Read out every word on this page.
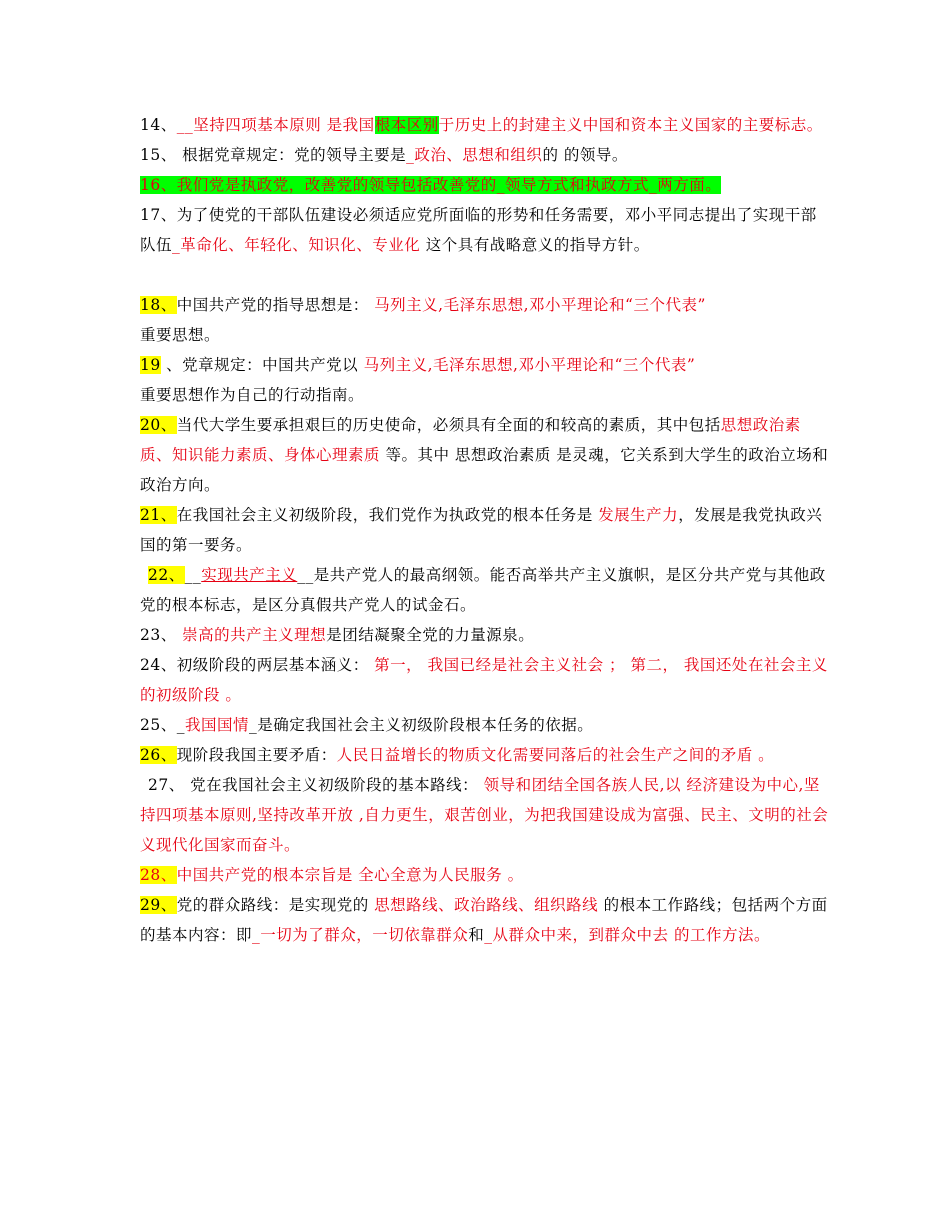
14、__坚持四项基本原则 是我国根本区别于历史上的封建主义中国和资本主义国家的主要标志。

15、 根据党章规定：党的领导主要是_政治、思想和组织的 的领导。

16、我们党是执政党，改善党的领导包括改善党的_领导方式和执政方式_两方面。

17、为了使党的干部队伍建设必须适应党所面临的形势和任务需要，邓小平同志提出了实现干部队伍_革命化、年轻化、知识化、专业化 这个具有战略意义的指导方针。

18、中国共产党的指导思想是： 马列主义,毛泽东思想,邓小平理论和“三个代表”
重要思想。

19 、党章规定：中国共产党以 马列主义,毛泽东思想,邓小平理论和“三个代表”
重要思想作为自己的行动指南。

20、当代大学生要承担艰巨的历史使命，必须具有全面的和较高的素质，其中包括思想政治素质、知识能力素质、身体心理素质 等。其中 思想政治素质 是灵魂，它关系到大学生的政治立场和政治方向。

21、在我国社会主义初级阶段，我们党作为执政党的根本任务是 发展生产力，发展是我党执政兴国的第一要务。

22、__实现共产主义__是共产党人的最高纲领。能否高举共产主义旗帜，是区分共产党与其他政党的根本标志，是区分真假共产党人的试金石。

23、 崇高的共产主义理想是团结凝聚全党的力量源泉。

24、初级阶段的两层基本涵义： 第一， 我国已经是社会主义社会 ； 第二， 我国还处在社会主义的初级阶段 。

25、_我国国情_是确定我国社会主义初级阶段根本任务的依据。

26、现阶段我国主要矛盾：人民日益增长的物质文化需要同落后的社会生产之间的矛盾 。

27、 党在我国社会主义初级阶段的基本路线： 领导和团结全国各族人民,以 经济建设为中心,坚持四项基本原则,坚持改革开放 ,自力更生，艰苦创业，为把我国建设成为富强、民主、文明的社会义现代化国家而奋斗。

28、中国共产党的根本宗旨是 全心全意为人民服务 。

29、党的群众路线：是实现党的 思想路线、政治路线、组织路线 的根本工作路线；包括两个方面的基本内容：即_一切为了群众，一切依靠群众和_从群众中来，到群众中去 的工作方法。
